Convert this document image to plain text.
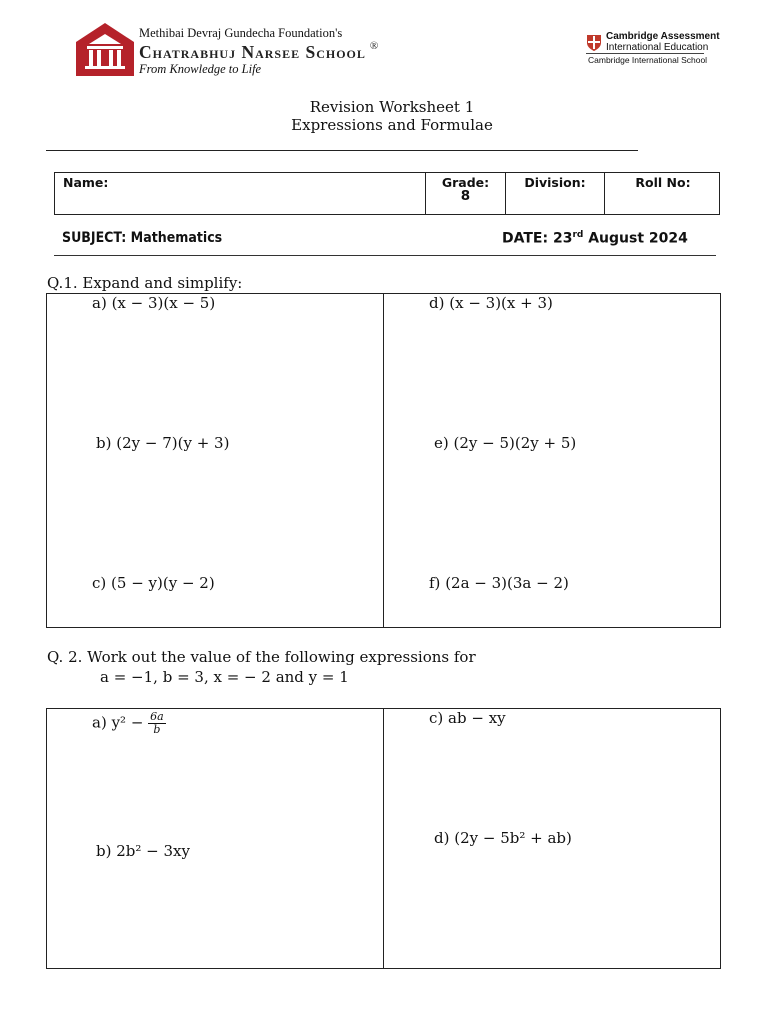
Methibai Devraj Gundecha Foundation's
Chatrabhuj Narsee School ®
From Knowledge to Life
Cambridge Assessment
International Education
Cambridge International School
Revision Worksheet 1
Expressions and Formulae
Name:	Grade:
8
Division:	Roll No:
SUBJECT: Mathematics	DATE: 23rd August 2024
Q.1. Expand and simplify:
a) (x − 3)(x − 5)
b) (2y − 7)(y + 3)
c) (5 − y)(y − 2)
d) (x − 3)(x + 3)
e) (2y − 5)(2y + 5)
f) (2a − 3)(3a − 2)
Q. 2. Work out the value of the following expressions for
a = −1, b = 3, x = − 2 and y = 1
a) $y^2 - \frac{6a}{b}$
b) 2b² − 3xy
c) ab − xy
d) (2y − 5b² + ab)
